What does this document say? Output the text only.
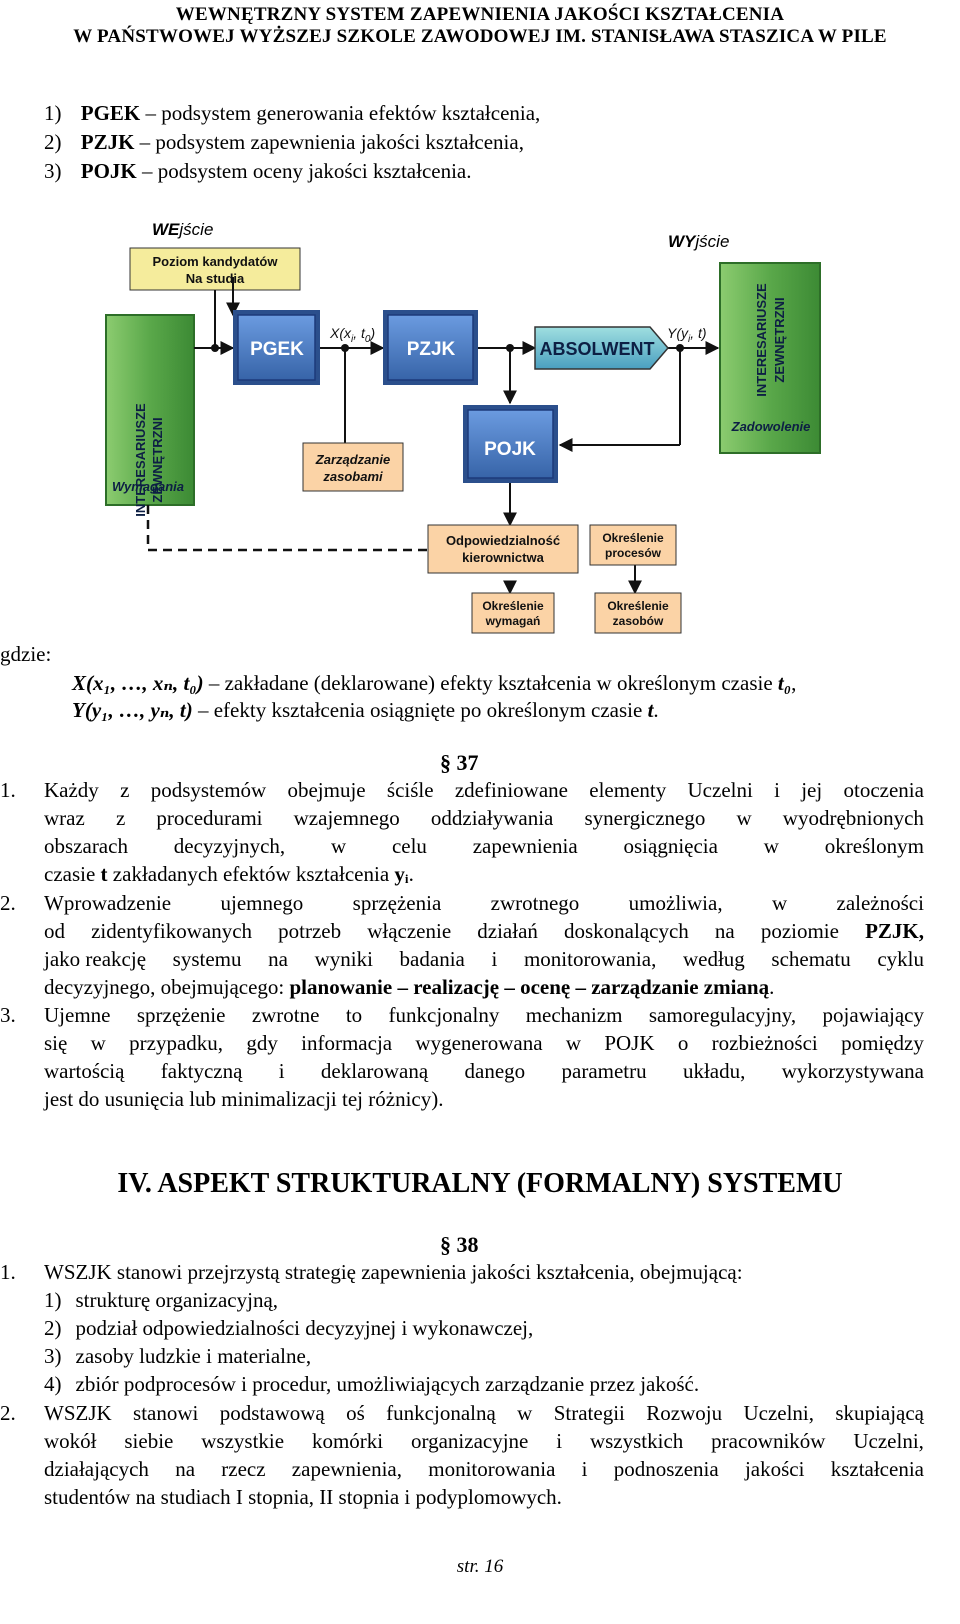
WEWNĘTRZNY SYSTEM ZAPEWNIENIA JAKOŚCI KSZTAŁCENIA
W PAŃSTWOWEJ WYŻSZEJ SZKOLE ZAWODOWEJ IM. STANISŁAWA STASZICA W PILE
1) PGEK – podsystem generowania efektów kształcenia,
2) PZJK – podsystem zapewnienia jakości kształcenia,
3) POJK – podsystem oceny jakości kształcenia.
INTERESARIUSZE ZEWNĘTRZNI
Wymagania
INTERESARIUSZE ZEWNĘTRZNI
Zadowolenie
WEjście
WYjście
Poziom kandydatów
Na studia
PGEK	PZJK	ABSOLWENT
POJK
$X(x_i$, $t_0$)	$Y(y_i$, t)
Zarządzanie
zasobami
Odpowiedzialność
kierownictwa
Określenie
procesów
Określenie
wymagań
Określenie
zasobów
gdzie:
X(x₁, …, xₙ, t₀) – zakładane (deklarowane) efekty kształcenia w określonym czasie t₀,
Y(y₁, …, yₙ, t) – efekty kształcenia osiągnięte po określonym czasie t.
§ 37
1. Każdy z podsystemów obejmuje ściśle zdefiniowane elementy Uczelni i jej otoczenia
wraz z procedurami wzajemnego oddziaływania synergicznego w wyodrębnionych
obszarach decyzyjnych, w celu zapewnienia osiągnięcia w określonym
czasie t zakładanych efektów kształcenia yᵢ.
2. Wprowadzenie ujemnego sprzężenia zwrotnego umożliwia, w zależności
od zidentyfikowanych potrzeb włączenie działań doskonalących na poziomie PZJK,
jako reakcję systemu na wyniki badania i monitorowania, według schematu cyklu
decyzyjnego, obejmującego: planowanie – realizację – ocenę – zarządzanie zmianą.
3. Ujemne sprzężenie zwrotne to funkcjonalny mechanizm samoregulacyjny, pojawiający
się w przypadku, gdy informacja wygenerowana w POJK o rozbieżności pomiędzy
wartością faktyczną i deklarowaną danego parametru układu, wykorzystywana
jest do usunięcia lub minimalizacji tej różnicy).
IV. ASPEKT STRUKTURALNY (FORMALNY) SYSTEMU
§ 38
1. WSZJK stanowi przejrzystą strategię zapewnienia jakości kształcenia, obejmującą:
1) strukturę organizacyjną,
2) podział odpowiedzialności decyzyjnej i wykonawczej,
3) zasoby ludzkie i materialne,
4) zbiór podprocesów i procedur, umożliwiających zarządzanie przez jakość.
2. WSZJK stanowi podstawową oś funkcjonalną w Strategii Rozwoju Uczelni, skupiającą
wokół siebie wszystkie komórki organizacyjne i wszystkich pracowników Uczelni,
działających na rzecz zapewnienia, monitorowania i podnoszenia jakości kształcenia
studentów na studiach I stopnia, II stopnia i podyplomowych.
str. 16
